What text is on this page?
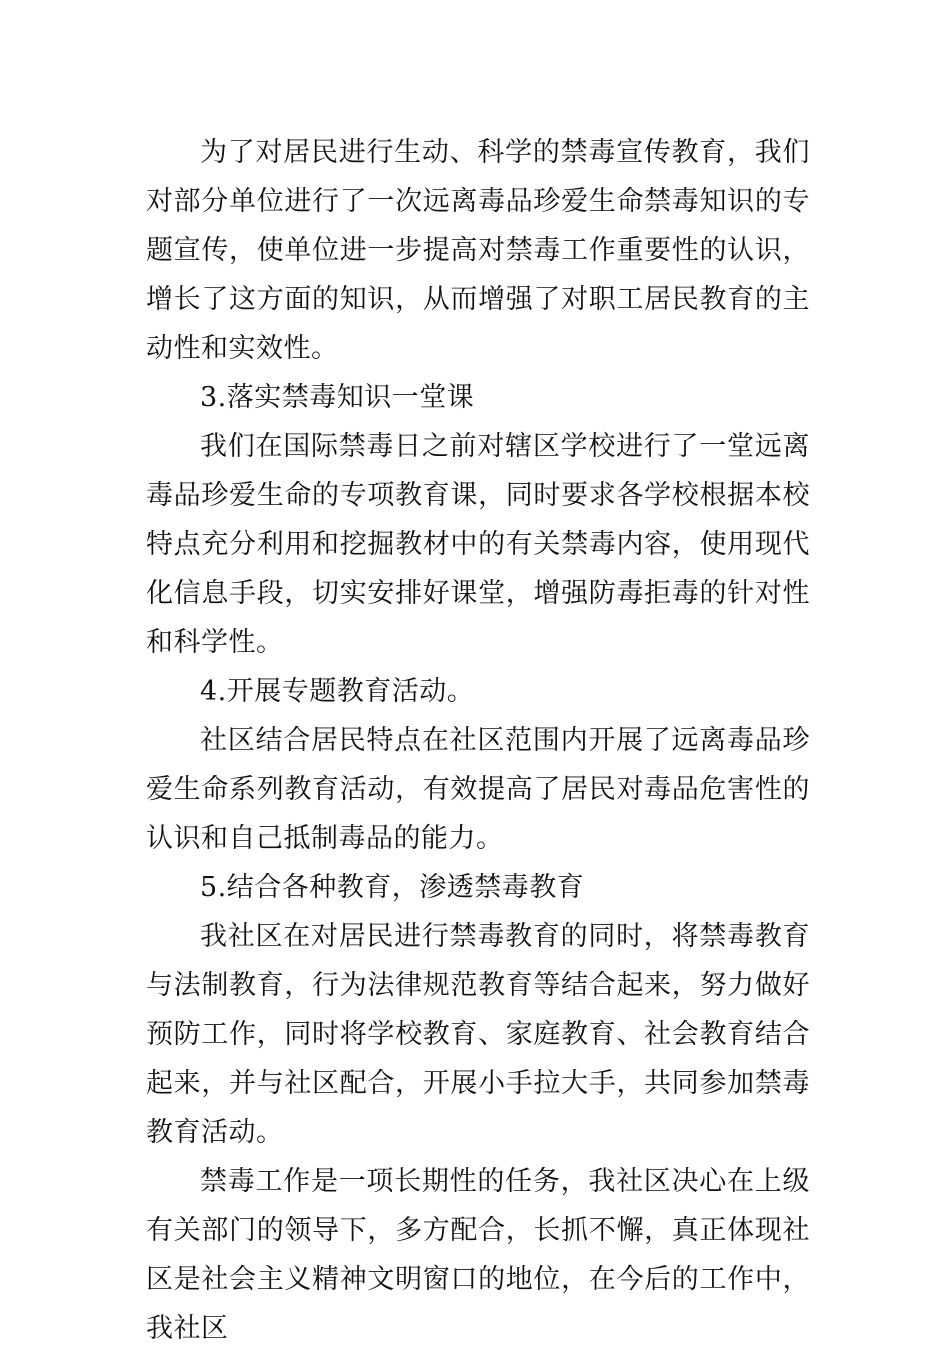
为了对居民进行生动、科学的禁毒宣传教育，我们对部分单位进行了一次远离毒品珍爱生命禁毒知识的专题宣传，使单位进一步提高对禁毒工作重要性的认识，增长了这方面的知识，从而增强了对职工居民教育的主动性和实效性。

3.落实禁毒知识一堂课

我们在国际禁毒日之前对辖区学校进行了一堂远离毒品珍爱生命的专项教育课，同时要求各学校根据本校特点充分利用和挖掘教材中的有关禁毒内容，使用现代化信息手段，切实安排好课堂，增强防毒拒毒的针对性和科学性。

4.开展专题教育活动。

社区结合居民特点在社区范围内开展了远离毒品珍爱生命系列教育活动，有效提高了居民对毒品危害性的认识和自己抵制毒品的能力。

5.结合各种教育，渗透禁毒教育

我社区在对居民进行禁毒教育的同时，将禁毒教育与法制教育，行为法律规范教育等结合起来，努力做好预防工作，同时将学校教育、家庭教育、社会教育结合起来，并与社区配合，开展小手拉大手，共同参加禁毒教育活动。

禁毒工作是一项长期性的任务，我社区决心在上级有关部门的领导下，多方配合，长抓不懈，真正体现社区是社会主义精神文明窗口的地位，在今后的工作中，我社区
